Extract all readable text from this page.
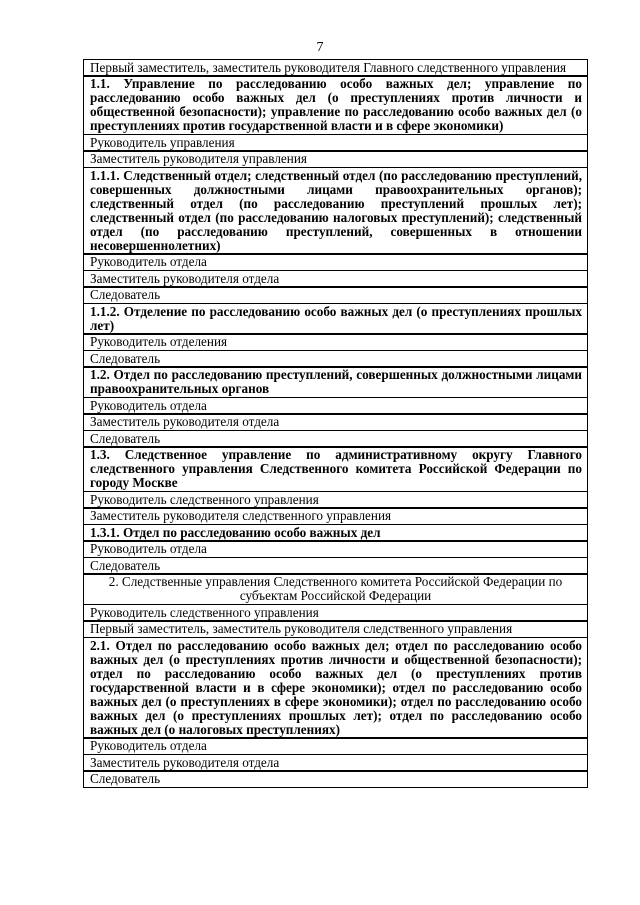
7
Первый заместитель, заместитель руководителя Главного следственного управления
1.1. Управление по расследованию особо важных дел; управление по расследованию особо важных дел (о преступлениях против личности и общественной безопасности); управление по расследованию особо важных дел (о преступлениях против государственной власти и в сфере экономики)
Руководитель управления
Заместитель руководителя управления
1.1.1. Следственный отдел; следственный отдел (по расследованию преступлений, совершенных должностными лицами правоохранительных органов); следственный отдел (по расследованию преступлений прошлых лет); следственный отдел (по расследованию налоговых преступлений); следственный отдел (по расследованию преступлений, совершенных в отношении несовершеннолетних)
Руководитель отдела
Заместитель руководителя отдела
Следователь
1.1.2. Отделение по расследованию особо важных дел (о преступлениях прошлых лет)
Руководитель отделения
Следователь
1.2. Отдел по расследованию преступлений, совершенных должностными лицами правоохранительных органов
Руководитель отдела
Заместитель руководителя отдела
Следователь
1.3. Следственное управление по административному округу Главного следственного управления Следственного комитета Российской Федерации по городу Москве
Руководитель следственного управления
Заместитель руководителя следственного управления
1.3.1. Отдел по расследованию особо важных дел
Руководитель отдела
Следователь
2. Следственные управления Следственного комитета Российской Федерации по субъектам Российской Федерации
Руководитель следственного управления
Первый заместитель, заместитель руководителя следственного управления
2.1. Отдел по расследованию особо важных дел; отдел по расследованию особо важных дел (о преступлениях против личности и общественной безопасности); отдел по расследованию особо важных дел (о преступлениях против государственной власти и в сфере экономики); отдел по расследованию особо важных дел (о преступлениях в сфере экономики); отдел по расследованию особо важных дел (о преступлениях прошлых лет); отдел по расследованию особо важных дел (о налоговых преступлениях)
Руководитель отдела
Заместитель руководителя отдела
Следователь
